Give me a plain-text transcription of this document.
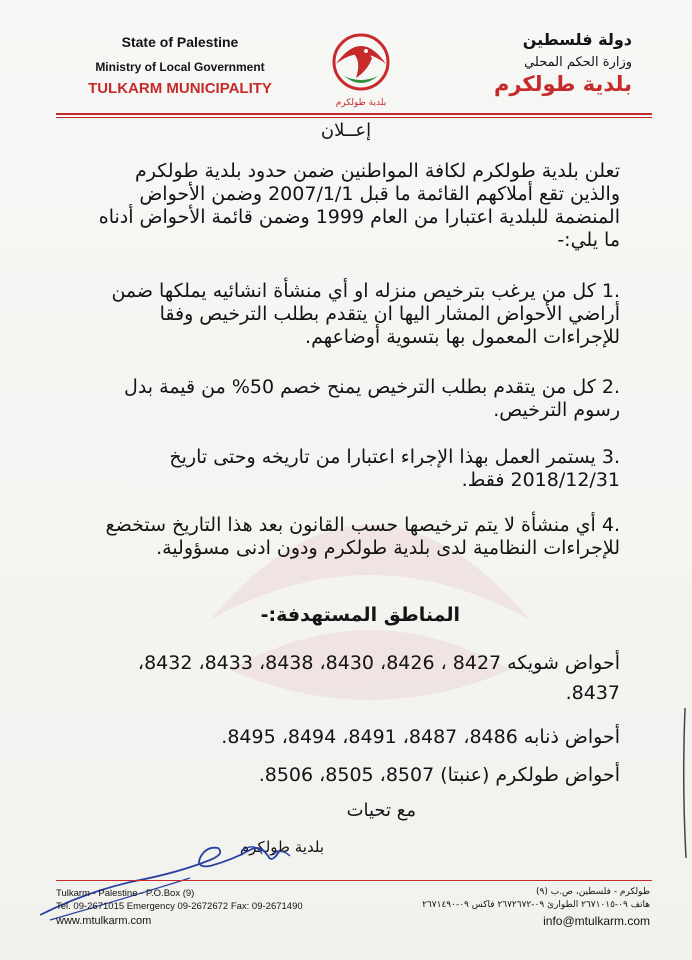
State of Palestine
Ministry of Local Government
TULKARM MUNICIPALITY
بلدية طولكرم
دولة فلسطين
وزارة الحكم المحلي
بلدية طولكرم
إعــلان
تعلن بلدية طولكرم لكافة المواطنين ضمن حدود بلدية طولكرم والذين تقع أملاكهم القائمة ما قبل 2007/1/1 وضمن الأحواض المنضمة للبلدية اعتبارا من العام 1999 وضمن قائمة الأحواض أدناه ما يلي:-
.1 كل من يرغب بترخيص منزله او أي منشأة انشائيه يملكها ضمن أراضي الأحواض المشار اليها ان يتقدم بطلب الترخيص وفقا للإجراءات المعمول بها بتسوية أوضاعهم.
.2 كل من يتقدم بطلب الترخيص يمنح خصم 50% من قيمة بدل رسوم الترخيص.
.3 يستمر العمل بهذا الإجراء اعتبارا من تاريخه وحتى تاريخ 2018/12/31 فقط.
.4 أي منشأة لا يتم ترخيصها حسب القانون بعد هذا التاريخ ستخضع للإجراءات النظامية لدى بلدية طولكرم ودون ادنى مسؤولية.
المناطق المستهدفة:-
أحواض شويكه 8427 ، 8426، 8430، 8438، 8433، 8432، 8437.
أحواض ذنابه 8486، 8487، 8491، 8494، 8495.
أحواض طولكرم (عنبتا) 8507، 8505، 8506.
مع تحيات
بلدية طولكرم
Tulkarm - Palestine - P.O.Box (9)
Tel. 09-2671015 Emergency 09-2672672 Fax: 09-2671490
www.mtulkarm.com
طولكرم - فلسطين، ص.ب (٩)
هاتف ٠٩-٢٦٧١٠١٥ الطوارئ ٠٩-٢٦٧٢٦٧٢ فاكس ٠٩-٢٦٧١٤٩٠
info@mtulkarm.com
